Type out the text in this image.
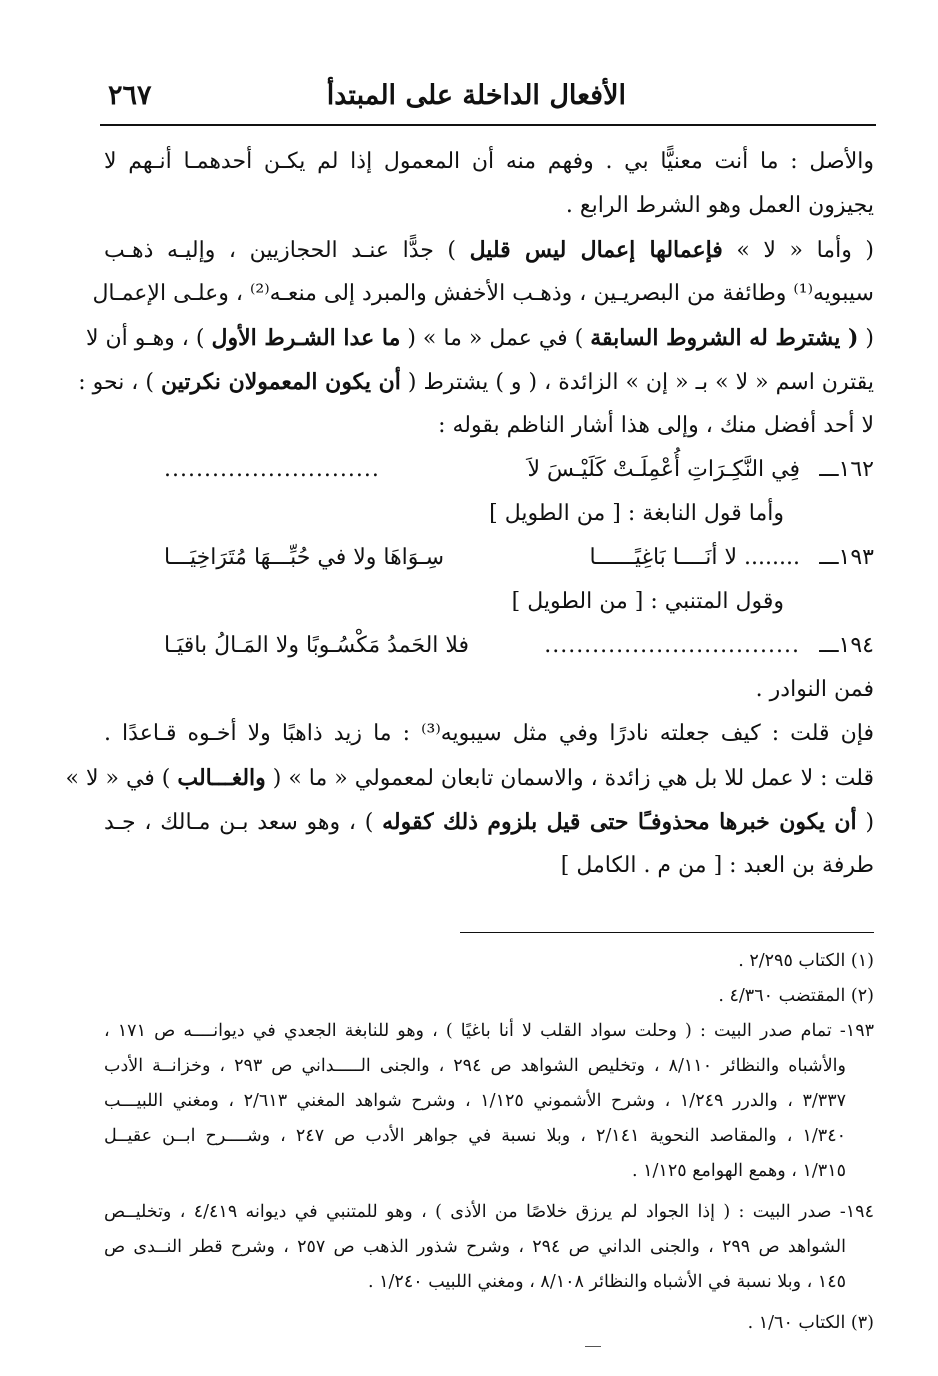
الأفعال الداخلة على المبتدأ
٢٦٧
والأصل : ما أنت معنيًّا بي . وفهم منه أن المعمول إذا لم يكـن أحدهمـا أنـهم لا
يجيزون العمل وهو الشرط الرابع .
( وأما « لا » فإعمالها إعمال ليس قليل ) جدًّا عنـد الحجازيين ، وإليـه ذهـب
سيبويه⁽¹⁾ وطائفة من البصريـين ، وذهـب الأخفش والمبرد إلى منعـه⁽²⁾ ، وعلـى الإعمـال
( ( يشترط له الشروط السابقة ) في عمل « ما » ( ما عدا الشـرط الأول ) ، وهـو أن لا
يقترن اسم « لا » بـ « إن » الزائدة ، ( و ) يشترط ( أن يكون المعمولان نكرتين ) ، نحو :
لا أحد أفضل منك ، وإلى هذا أشار الناظم بقوله :
١٦٢ـــ
فِي النَّكِـرَاتِ أُعْمِلَـتْ كَلَيْـسَ لاَ
...........................
وأما قول النابغة : [ من الطويل ]
١٩٣ـــ
........ لا أنَــــا بَاغِيًــــــا
سِـوَاهَا ولا في حُبِّـــهَا مُتَرَاخِيَـــا
وقول المتنبي : [ من الطويل ]
١٩٤ـــ
................................
فلا الحَمدُ مَكْسُـوبًا ولا المَـالُ باقيَـا
فمن النوادر .
فإن قلت : كيف جعلته نادرًا وفي مثل سيبويه⁽³⁾ : ما زيد ذاهبًا ولا أخـوه قـاعدًا .
قلت : لا عمل للا بل هي زائدة ، والاسمان تابعان لمعمولي « ما » ( والغـــالب ) في « لا »
( أن يكون خبرها محذوفـًا حتى قيل بلزوم ذلك كقوله ) ، وهو سعد بـن مـالك ، جـد
طرفة بن العبد : [ من م . الكامل ]
(١) الكتاب ٢/٢٩٥ .
(٢) المقتضب ٤/٣٦٠ .
١٩٣- تمام صدر البيت : ( وحلت سواد القلب لا أنا باغيًا ) ، وهو للنابغة الجعدي في ديوانــــه ص ١٧١ ،
والأشباه والنظائر ٨/١١٠ ، وتخليص الشواهد ص ٢٩٤ ، والجنى الـــــداني ص ٢٩٣ ، وخزانــة الأدب
٣/٣٣٧ ، والدرر ١/٢٤٩ ، وشرح الأشموني ١/١٢٥ ، وشرح شواهد المغني ٢/٦١٣ ، ومغني اللبيـــب
١/٣٤٠ ، والمقاصد النحوية ٢/١٤١ ، وبلا نسبة في جواهر الأدب ص ٢٤٧ ، وشــــرح ابــن عقيــل
١/٣١٥ ، وهمع الهوامع ١/١٢٥ .
١٩٤- صدر البيت : ( إذا الجواد لم يرزق خلاصًا من الأذى ) ، وهو للمتنبي في ديوانه ٤/٤١٩ ، وتخليــص
الشواهد ص ٢٩٩ ، والجنى الداني ص ٢٩٤ ، وشرح شذور الذهب ص ٢٥٧ ، وشرح قطر النــدى ص
١٤٥ ، وبلا نسبة في الأشباه والنظائر ٨/١٠٨ ، ومغني اللبيب ١/٢٤٠ .
(٣) الكتاب ١/٦٠ .
